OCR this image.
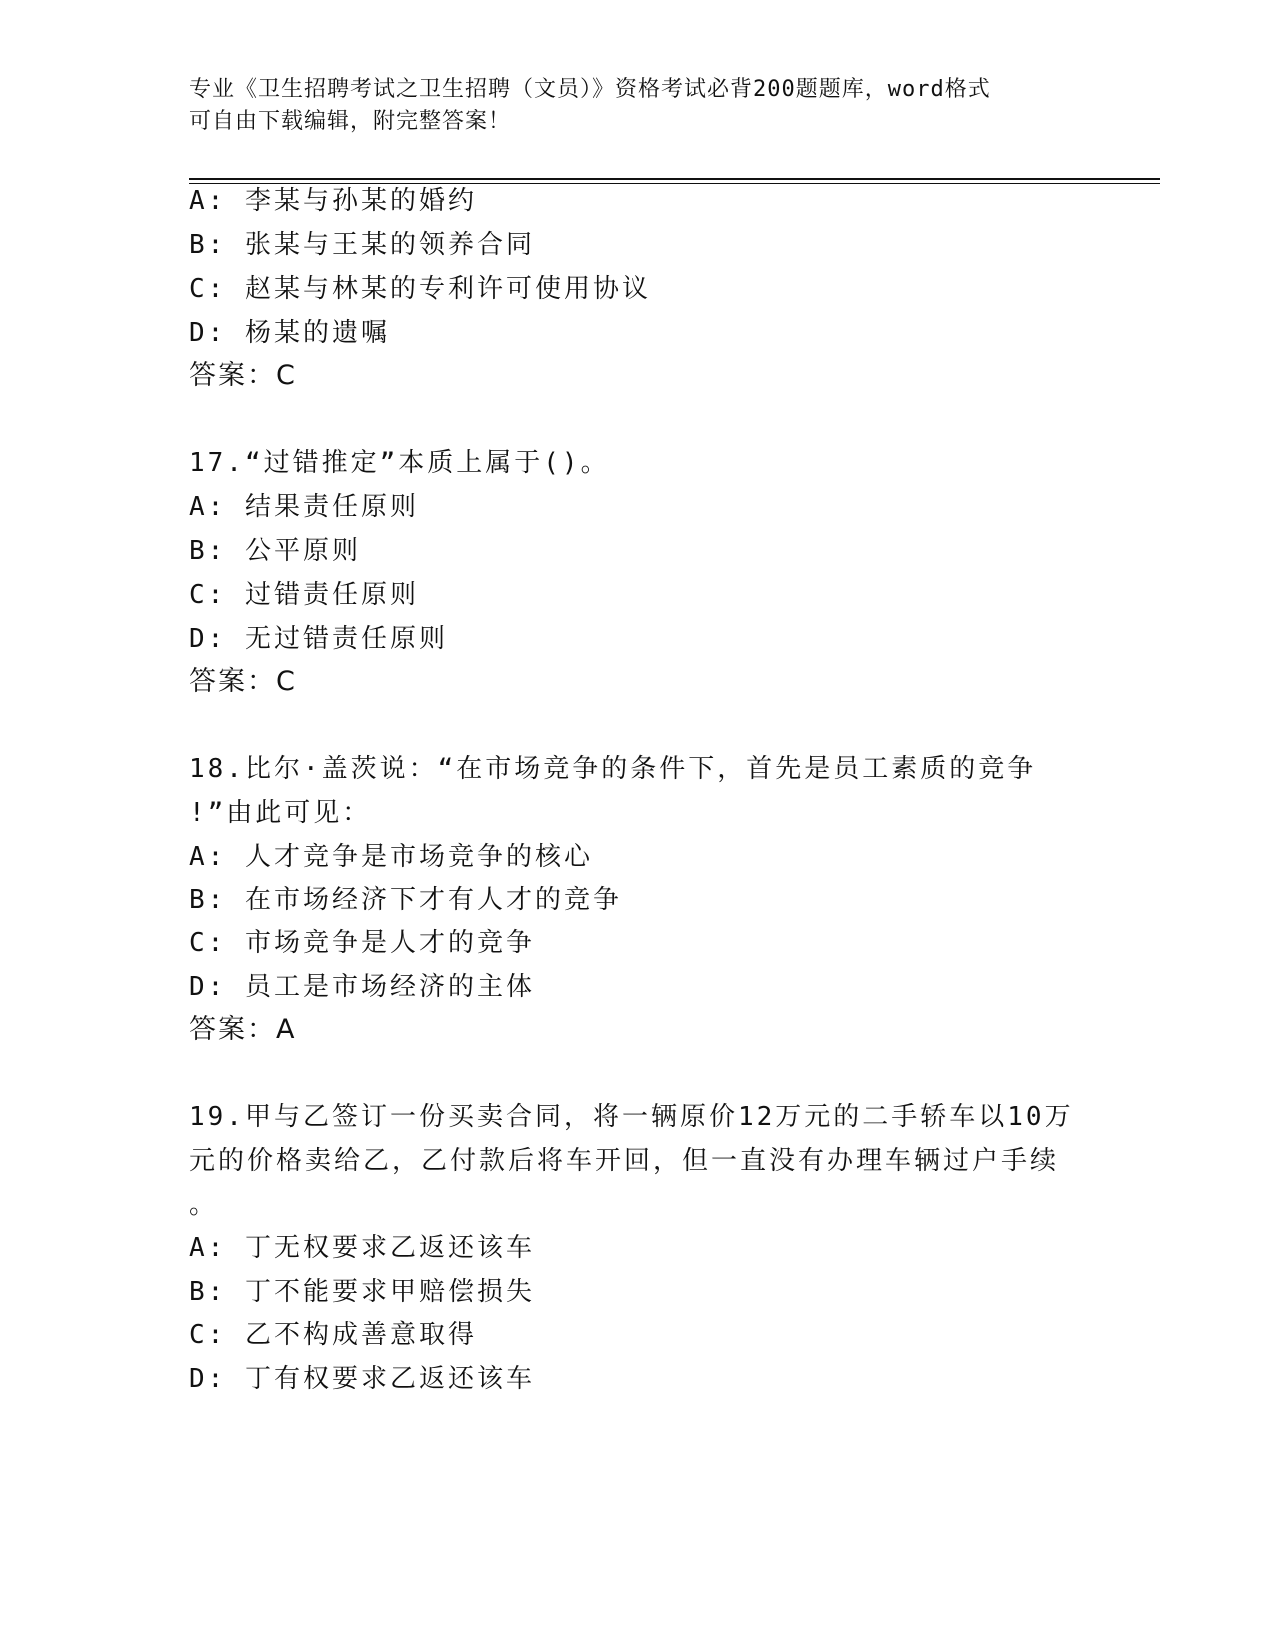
专业《卫生招聘考试之卫生招聘（文员）》资格考试必背200题题库，word格式
可自由下载编辑，附完整答案！
A: 李某与孙某的婚约
B: 张某与王某的领养合同
C: 赵某与林某的专利许可使用协议
D: 杨某的遗嘱
答案：C
17.“过错推定”本质上属于()。
A: 结果责任原则
B: 公平原则
C: 过错责任原则
D: 无过错责任原则
答案：C
18.比尔·盖茨说：“在市场竞争的条件下，首先是员工素质的竞争
!”由此可见：
A: 人才竞争是市场竞争的核心
B: 在市场经济下才有人才的竞争
C: 市场竞争是人才的竞争
D: 员工是市场经济的主体
答案：A
19.甲与乙签订一份买卖合同，将一辆原价12万元的二手轿车以10万
元的价格卖给乙，乙付款后将车开回，但一直没有办理车辆过户手续
。
A: 丁无权要求乙返还该车
B: 丁不能要求甲赔偿损失
C: 乙不构成善意取得
D: 丁有权要求乙返还该车
